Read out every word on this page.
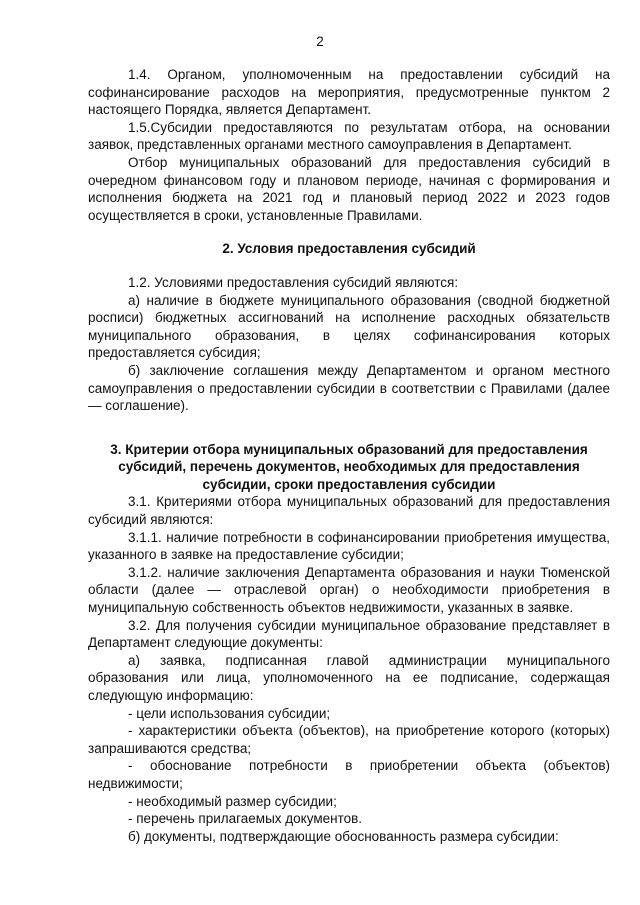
2

1.4. Органом, уполномоченным на предоставлении субсидий на софинансирование расходов на мероприятия, предусмотренные пунктом 2 настоящего Порядка, является Департамент.

1.5.Субсидии предоставляются по результатам отбора, на основании заявок, представленных органами местного самоуправления в Департамент.

Отбор муниципальных образований для предоставления субсидий в очередном финансовом году и плановом периоде, начиная с формирования и исполнения бюджета на 2021 год и плановый период 2022 и 2023 годов осуществляется в сроки, установленные Правилами.

2. Условия предоставления субсидий

1.2. Условиями предоставления субсидий являются:

а) наличие в бюджете муниципального образования (сводной бюджетной росписи) бюджетных ассигнований на исполнение расходных обязательств муниципального образования, в целях софинансирования которых предоставляется субсидия;

б) заключение соглашения между Департаментом и органом местного самоуправления о предоставлении субсидии в соответствии с Правилами (далее — соглашение).

3. Критерии отбора муниципальных образований для предоставления субсидий, перечень документов, необходимых для предоставления субсидии, сроки предоставления субсидии

3.1. Критериями отбора муниципальных образований для предоставления субсидий являются:

3.1.1. наличие потребности в софинансировании приобретения имущества, указанного в заявке на предоставление субсидии;

3.1.2. наличие заключения Департамента образования и науки Тюменской области (далее — отраслевой орган) о необходимости приобретения в муниципальную собственность объектов недвижимости, указанных в заявке.

3.2. Для получения субсидии муниципальное образование представляет в Департамент следующие документы:

а) заявка, подписанная главой администрации муниципального образования или лица, уполномоченного на ее подписание, содержащая следующую информацию:

- цели использования субсидии;

- характеристики объекта (объектов), на приобретение которого (которых) запрашиваются средства;

- обоснование потребности в приобретении объекта (объектов) недвижимости;

- необходимый размер субсидии;

- перечень прилагаемых документов.

б) документы, подтверждающие обоснованность размера субсидии:
